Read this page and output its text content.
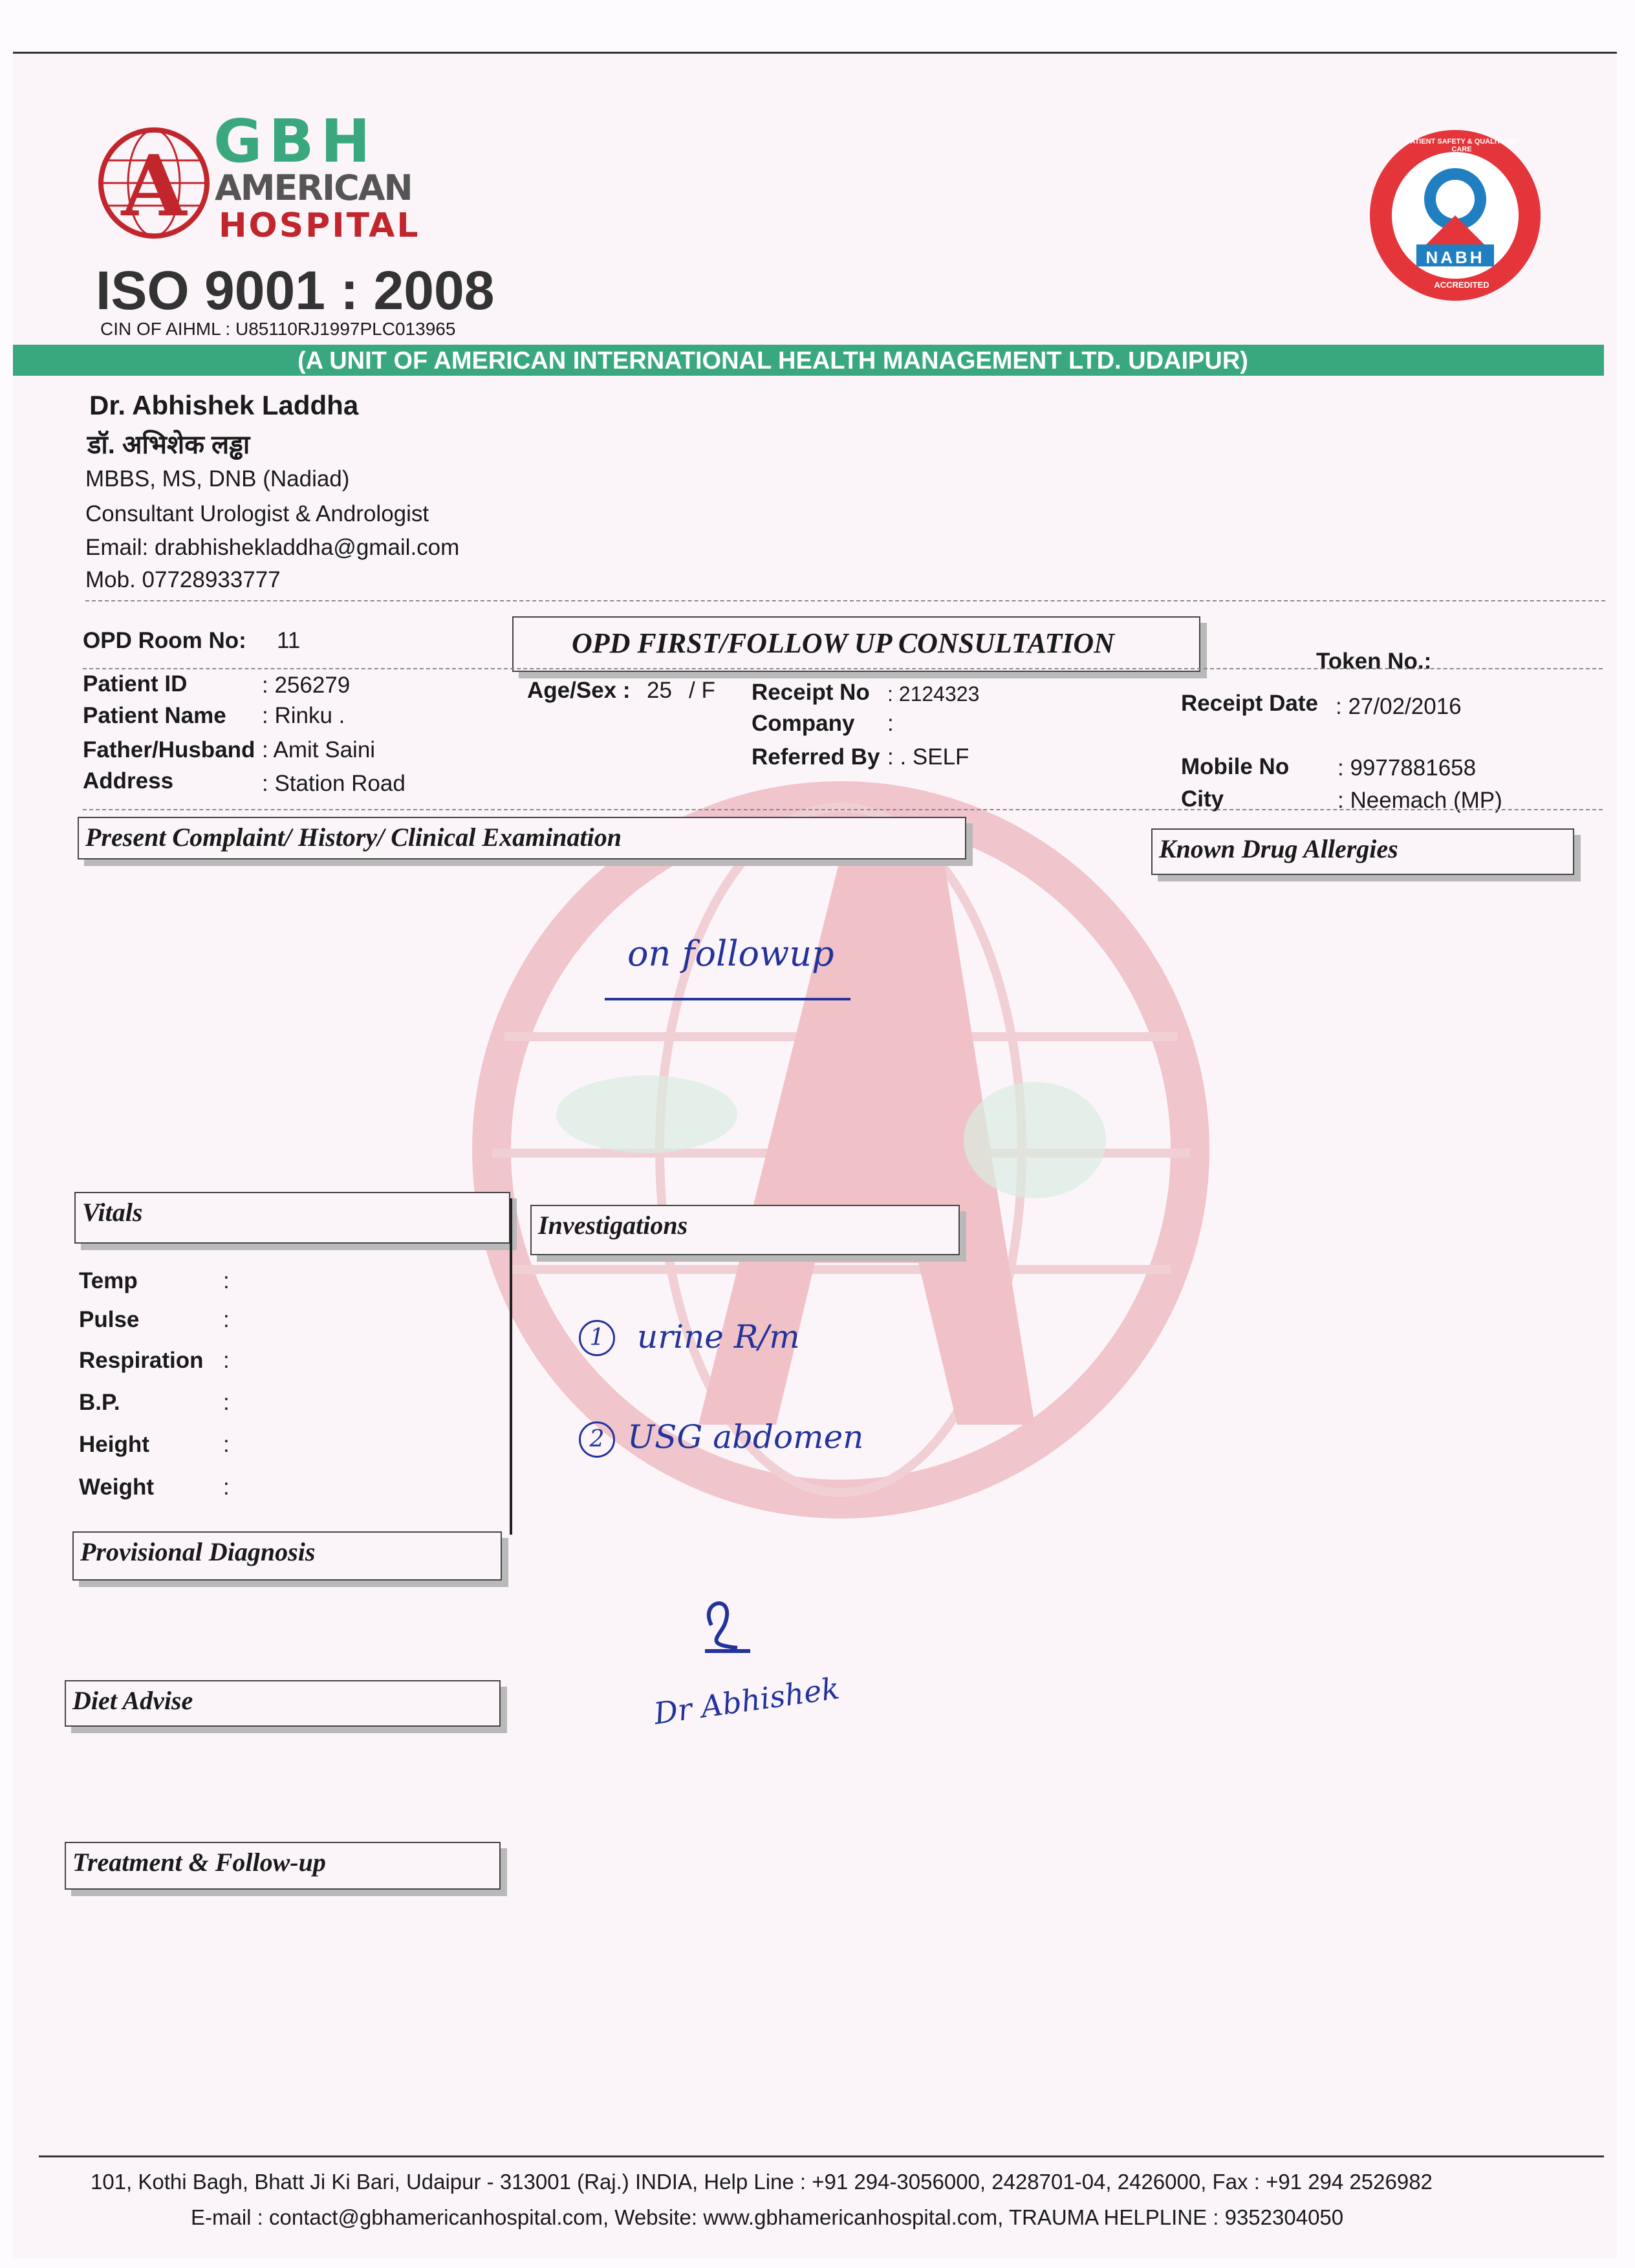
A GBH
AMERICAN
HOSPITAL
ISO 9001 : 2008
CIN OF AIHML : U85110RJ1997PLC013965
NABH
PATIENT SAFETY & QUALITY OF CARE
ACCREDITED
(A UNIT OF AMERICAN INTERNATIONAL HEALTH MANAGEMENT LTD. UDAIPUR)
Dr. Abhishek Laddha
डॉ. अभिशेक लड्ढा
MBBS, MS, DNB (Nadiad)
Consultant Urologist & Andrologist
Email: drabhishekladdha@gmail.com
Mob. 07728933777
OPD Room No: 11	OPD FIRST/FOLLOW UP CONSULTATION
Token No.:
Patient ID	: 256279
Patient Name : Rinku .
Father/Husband : Amit Saini
Address	: Station Road
Age/Sex : 25 / F Receipt No : 2124323
Company :
Referred By : . SELF
Receipt Date : 27/02/2016
Mobile No : 9977881658
City	: Neemach (MP)
Present Complaint/ History/ Clinical Examination	Known Drug Allergies
on followup
Vitals	Investigations
Temp	:
Pulse	:
Respiration :
B.P.	:
Height	:
Weight	:
1	urine R/m
2 USG abdomen
Provisional Diagnosis
Dr Abhishek
Diet Advise
Treatment & Follow-up
101, Kothi Bagh, Bhatt Ji Ki Bari, Udaipur - 313001 (Raj.) INDIA, Help Line : +91 294-3056000, 2428701-04, 2426000, Fax : +91 294 2526982
E-mail : contact@gbhamericanhospital.com, Website: www.gbhamericanhospital.com, TRAUMA HELPLINE : 9352304050
